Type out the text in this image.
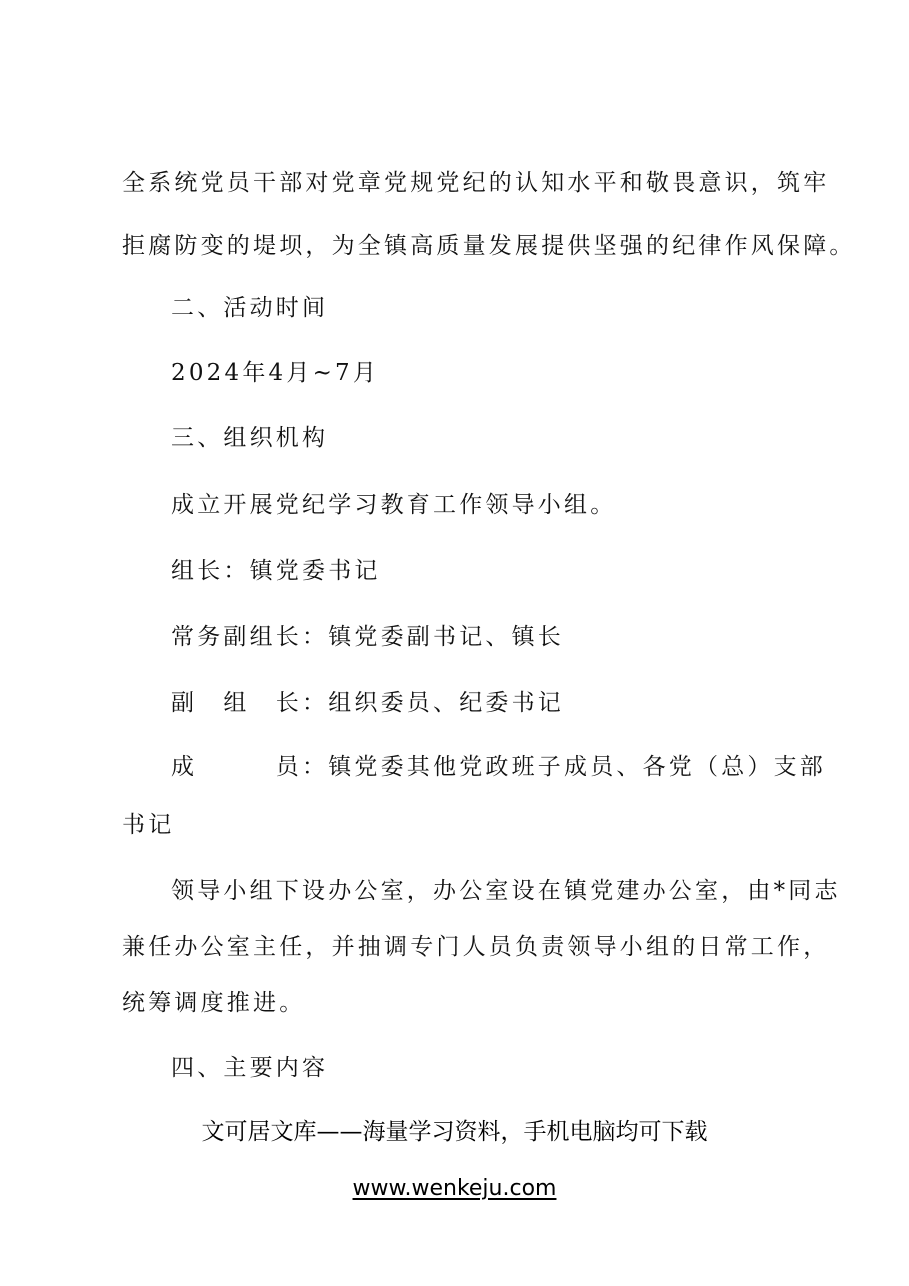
全系统党员干部对党章党规党纪的认知水平和敬畏意识，筑牢
拒腐防变的堤坝，为全镇高质量发展提供坚强的纪律作风保障。
二、活动时间
2024年4月~7月
三、组织机构
成立开展党纪学习教育工作领导小组。
组长：镇党委书记
常务副组长：镇党委副书记、镇长
副　组　长：组织委员、纪委书记
成　　　员：镇党委其他党政班子成员、各党（总）支部
书记
领导小组下设办公室，办公室设在镇党建办公室，由*同志
兼任办公室主任，并抽调专门人员负责领导小组的日常工作，
统筹调度推进。
四、主要内容
文可居文库——海量学习资料，手机电脑均可下载
www.wenkeju.com
